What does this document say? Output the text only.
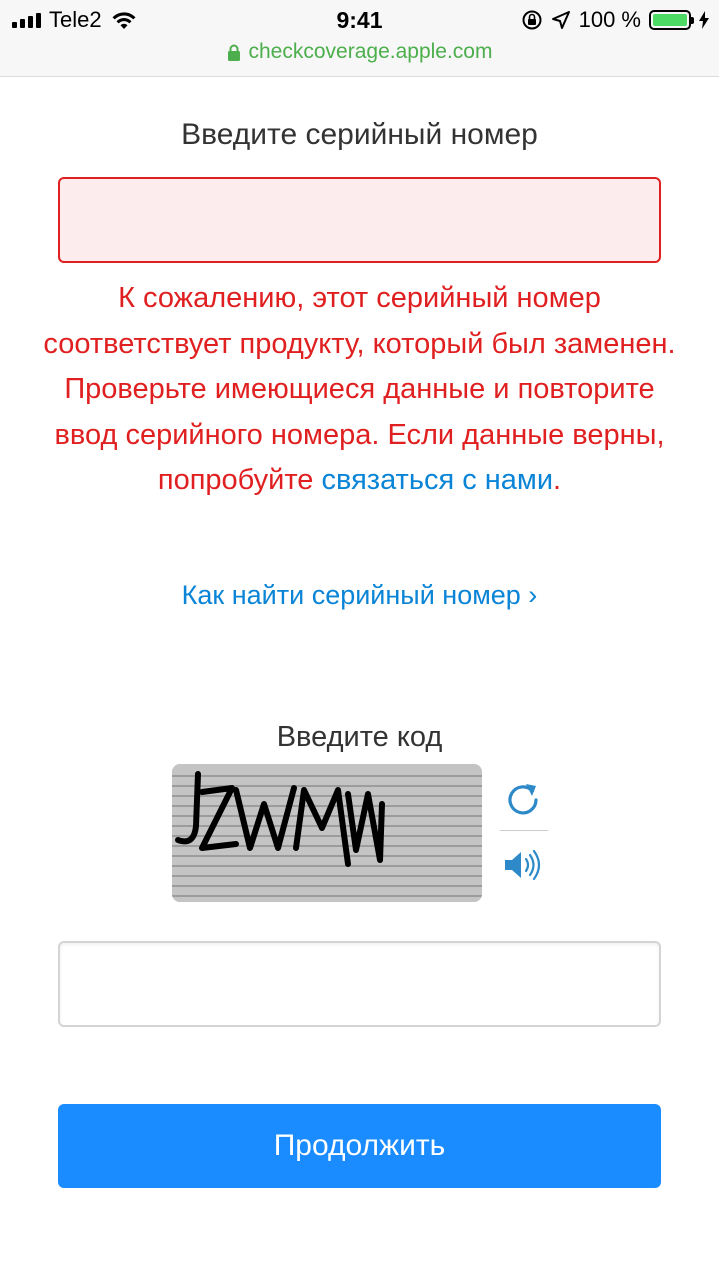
Tele2	9:41	100 %
checkcoverage.apple.com
Введите серийный номер
К сожалению, этот серийный номер соответствует продукту, который был заменен. Проверьте имеющиеся данные и повторите ввод серийного номера. Если данные верны, попробуйте связаться с нами.
Как найти серийный номер ›
Введите код
Продолжить
